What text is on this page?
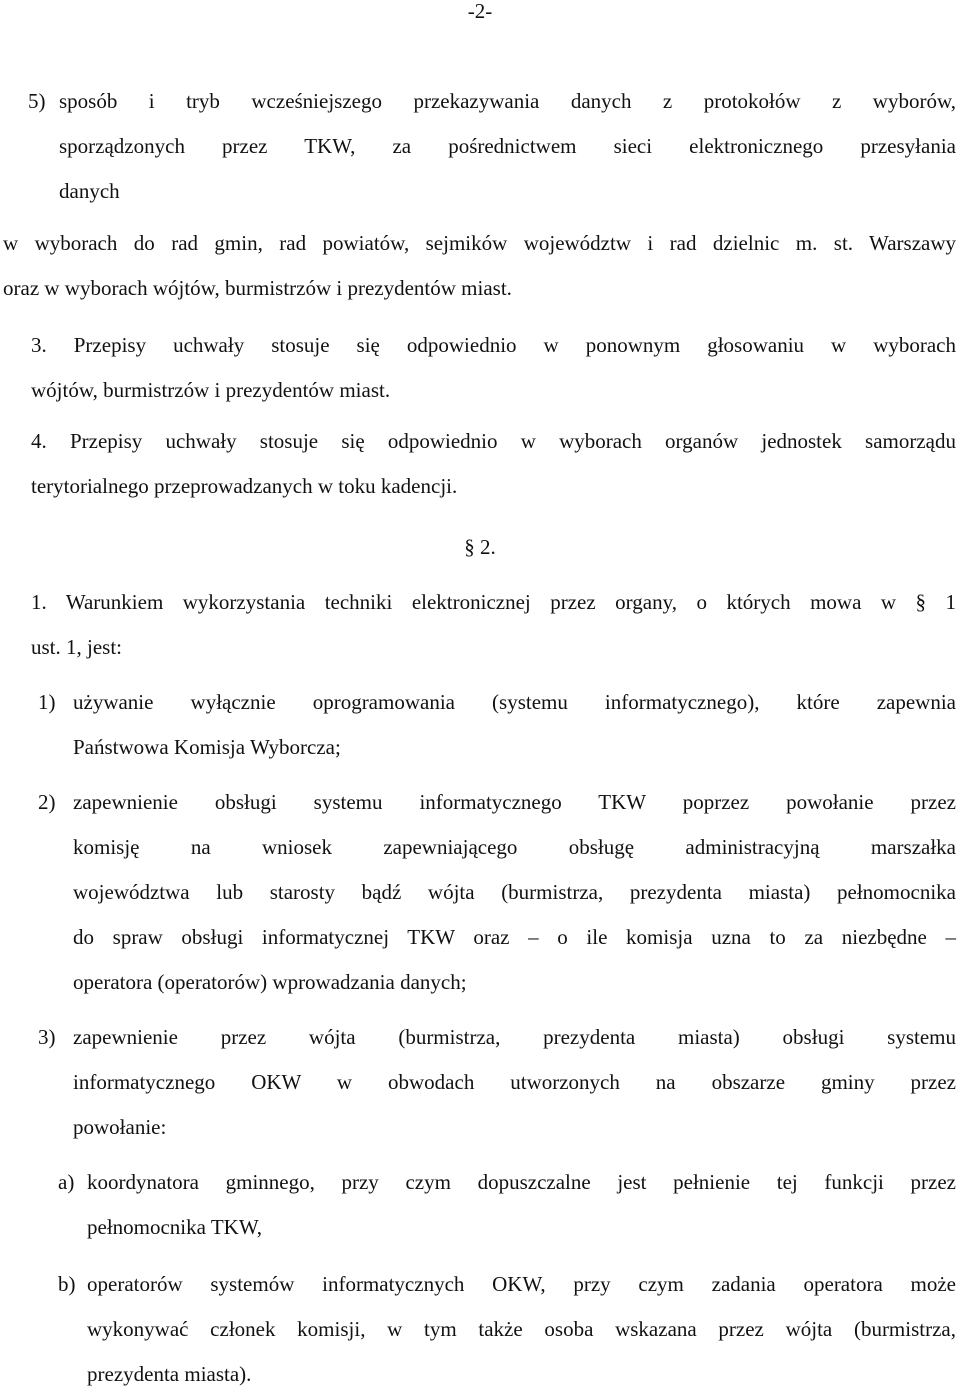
-2-
5) sposób i tryb wcześniejszego przekazywania danych z protokołów z wyborów,
sporządzonych przez TKW, za pośrednictwem sieci elektronicznego przesyłania
danych
w wyborach do rad gmin, rad powiatów, sejmików województw i rad dzielnic m. st. Warszawy
oraz w wyborach wójtów, burmistrzów i prezydentów miast.
3. Przepisy uchwały stosuje się odpowiednio w ponownym głosowaniu w wyborach
wójtów, burmistrzów i prezydentów miast.
4. Przepisy uchwały stosuje się odpowiednio w wyborach organów jednostek samorządu
terytorialnego przeprowadzanych w toku kadencji.
§ 2.
1. Warunkiem wykorzystania techniki elektronicznej przez organy, o których mowa w § 1
ust. 1, jest:
1) używanie wyłącznie oprogramowania (systemu informatycznego), które zapewnia
Państwowa Komisja Wyborcza;
2) zapewnienie obsługi systemu informatycznego TKW poprzez powołanie przez
komisję na wniosek zapewniającego obsługę administracyjną marszałka
województwa lub starosty bądź wójta (burmistrza, prezydenta miasta) pełnomocnika
do spraw obsługi informatycznej TKW oraz – o ile komisja uzna to za niezbędne –
operatora (operatorów) wprowadzania danych;
3) zapewnienie przez wójta (burmistrza, prezydenta miasta) obsługi systemu
informatycznego OKW w obwodach utworzonych na obszarze gminy przez
powołanie:
a) koordynatora gminnego, przy czym dopuszczalne jest pełnienie tej funkcji przez
pełnomocnika TKW,
b) operatorów systemów informatycznych OKW, przy czym zadania operatora może
wykonywać członek komisji, w tym także osoba wskazana przez wójta (burmistrza,
prezydenta miasta).
